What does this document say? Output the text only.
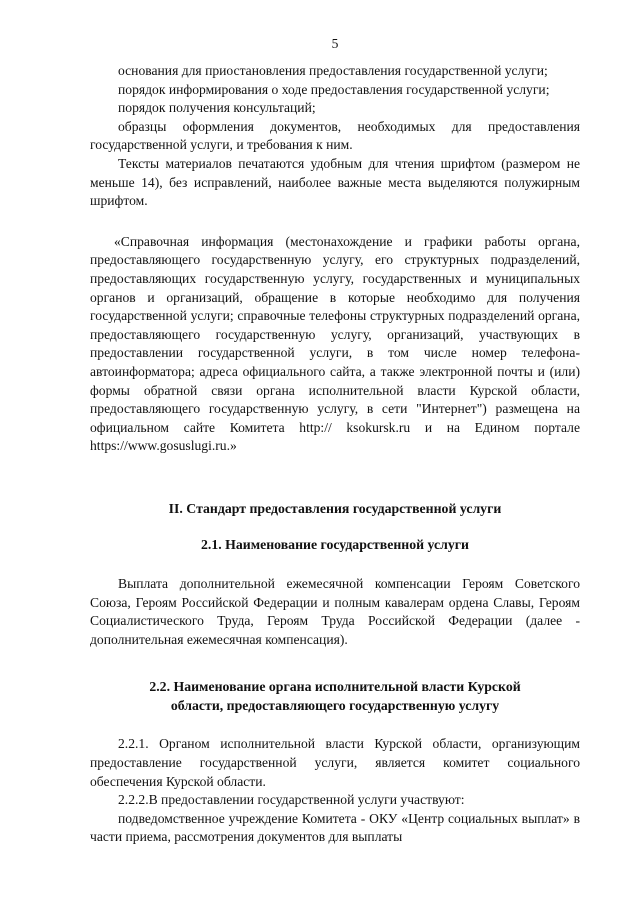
5

основания для приостановления предоставления государственной услуги;

порядок информирования о ходе предоставления государственной услуги;

порядок получения консультаций;

образцы оформления документов, необходимых для предоставления государственной услуги, и требования к ним.

Тексты материалов печатаются удобным для чтения шрифтом (размером не меньше 14), без исправлений, наиболее важные места выделяются полужирным шрифтом.

«Справочная информация (местонахождение и графики работы органа, предоставляющего государственную услугу, его структурных подразделений, предоставляющих государственную услугу, государственных и муниципальных органов и организаций, обращение в которые необходимо для получения государственной услуги; справочные телефоны структурных подразделений органа, предоставляющего государственную услугу, организаций, участвующих в предоставлении государственной услуги, в том числе номер телефона-автоинформатора; адреса официального сайта, а также электронной почты и (или) формы обратной связи органа исполнительной власти Курской области, предоставляющего государственную услугу, в сети "Интернет") размещена на официальном сайте Комитета http:// ksokursk.ru и на Едином портале https://www.gosuslugi.ru.»

II. Стандарт предоставления государственной услуги
2.1. Наименование государственной услуги

Выплата дополнительной ежемесячной компенсации Героям Советского Союза, Героям Российской Федерации и полным кавалерам ордена Славы, Героям Социалистического Труда, Героям Труда Российской Федерации (далее - дополнительная ежемесячная компенсация).

2.2. Наименование органа исполнительной власти Курской
области, предоставляющего государственную услугу

2.2.1. Органом исполнительной власти Курской области, организующим предоставление государственной услуги, является комитет социального обеспечения Курской области.

2.2.2.В предоставлении государственной услуги участвуют:

подведомственное учреждение Комитета - ОКУ «Центр социальных выплат» в части приема, рассмотрения документов для выплаты
